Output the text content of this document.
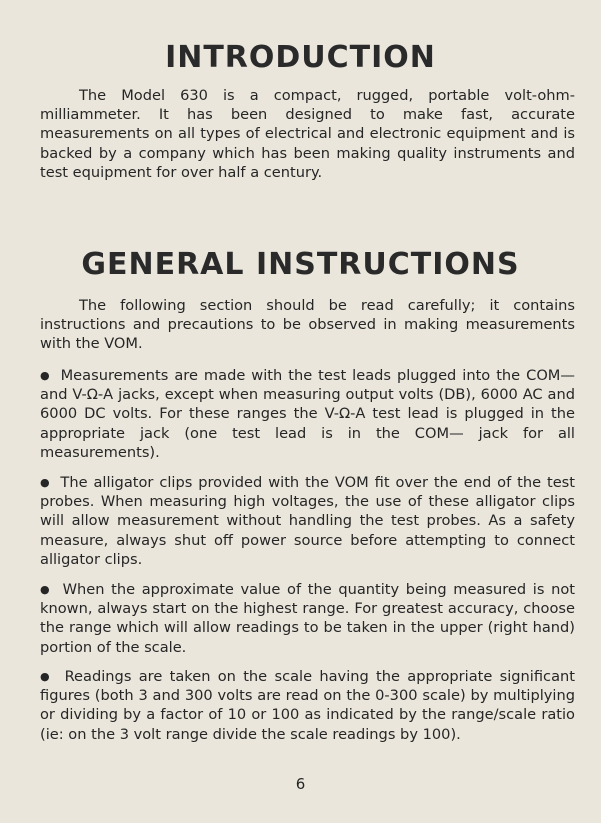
INTRODUCTION

The Model 630 is a compact, rugged, portable volt-ohm-milliammeter. It has been designed to make fast, accurate measurements on all types of electrical and electronic equipment and is backed by a company which has been making quality instruments and test equipment for over half a century.

GENERAL INSTRUCTIONS

The following section should be read carefully; it contains instructions and precautions to be observed in making measurements with the VOM.

●  Measurements are made with the test leads plugged into the COM— and V-Ω-A jacks, except when measuring output volts (DB), 6000 AC and 6000 DC volts. For these ranges the V-Ω-A test lead is plugged in the appropriate jack (one test lead is in the COM— jack for all measurements).

●  The alligator clips provided with the VOM fit over the end of the test probes. When measuring high voltages, the use of these alligator clips will allow measurement without handling the test probes. As a safety measure, always shut off power source before attempting to connect alligator clips.

●  When the approximate value of the quantity being measured is not known, always start on the highest range. For greatest accuracy, choose the range which will allow readings to be taken in the upper (right hand) portion of the scale.

●  Readings are taken on the scale having the appropriate significant figures (both 3 and 300 volts are read on the 0-300 scale) by multiplying or dividing by a factor of 10 or 100 as indicated by the range/scale ratio (ie: on the 3 volt range divide the scale readings by 100).

6
